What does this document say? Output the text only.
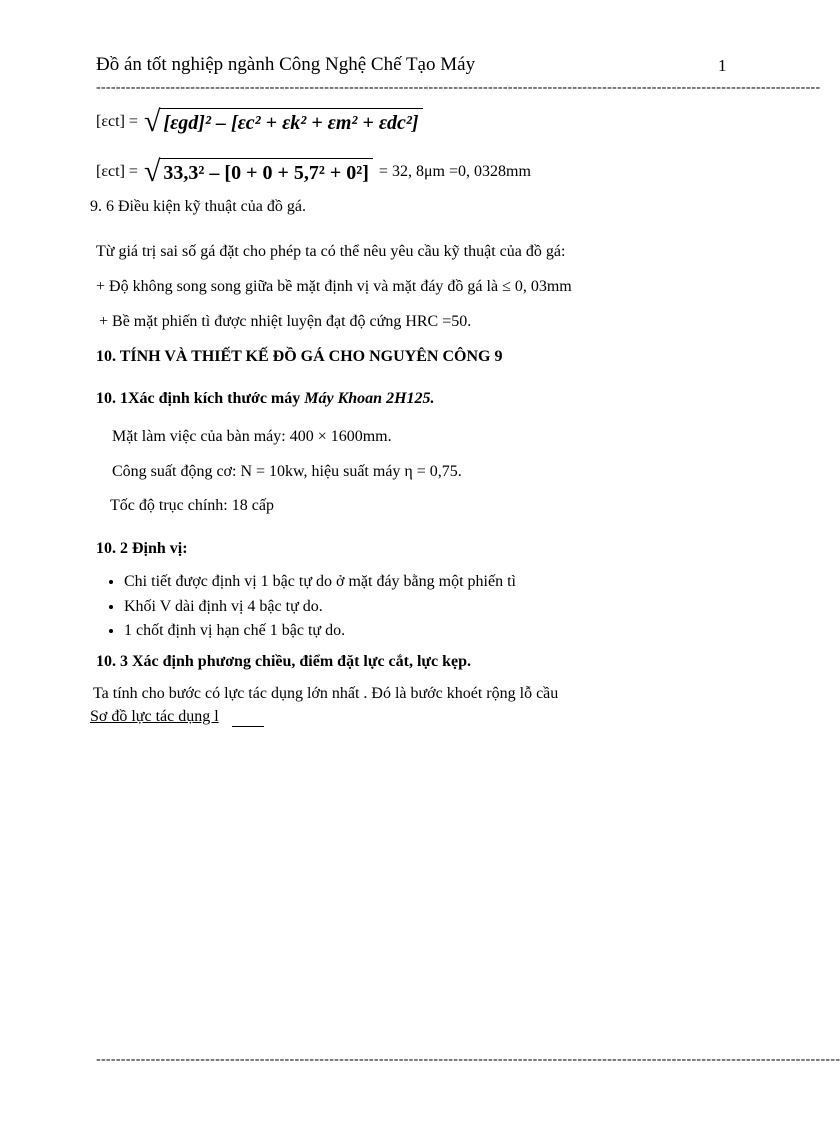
Đồ án tốt nghiệp ngành Công Nghệ Chế Tạo Máy	1
--------------------------------------------------------------------------------------------------------------------------------------------------
[εct] = √ [εgd]² – [εc² + εk² + εm² + εdc²]
[εct] = √ 33,3² – [0 + 0 + 5,7² + 0²] = 32, 8μm =0, 0328mm
9. 6 Điều kiện kỹ thuật của đồ gá.
Từ giá trị sai số gá đặt cho phép ta có thể nêu yêu cầu kỹ thuật của đồ gá:
+ Độ không song song giữa bề mặt định vị và mặt đáy đồ gá là ≤ 0, 03mm
+ Bề mặt phiến tì được nhiệt luyện đạt độ cứng HRC =50.
10. TÍNH VÀ THIẾT KẾ ĐỒ GÁ CHO NGUYÊN CÔNG 9
10. 1Xác định kích thước máy Máy Khoan 2H125.
Mặt làm việc của bàn máy: 400 × 1600mm.
Công suất động cơ: N = 10kw, hiệu suất máy η = 0,75.
Tốc độ trục chính: 18 cấp
10. 2 Định vị:
• Chi tiết được định vị 1 bậc tự do ở mặt đáy bằng một phiến tì
• Khối V dài định vị 4 bậc tự do.
• 1 chốt định vị hạn chế 1 bậc tự do.
10. 3 Xác định phương chiều, điểm đặt lực cắt, lực kẹp.
Ta tính cho bước có lực tác dụng lớn nhất . Đó là bước khoét rộng lỗ cầu
Sơ đồ lực tác dụng l
------------------------------------------------------------------------------------------------------------------------------------------------------
